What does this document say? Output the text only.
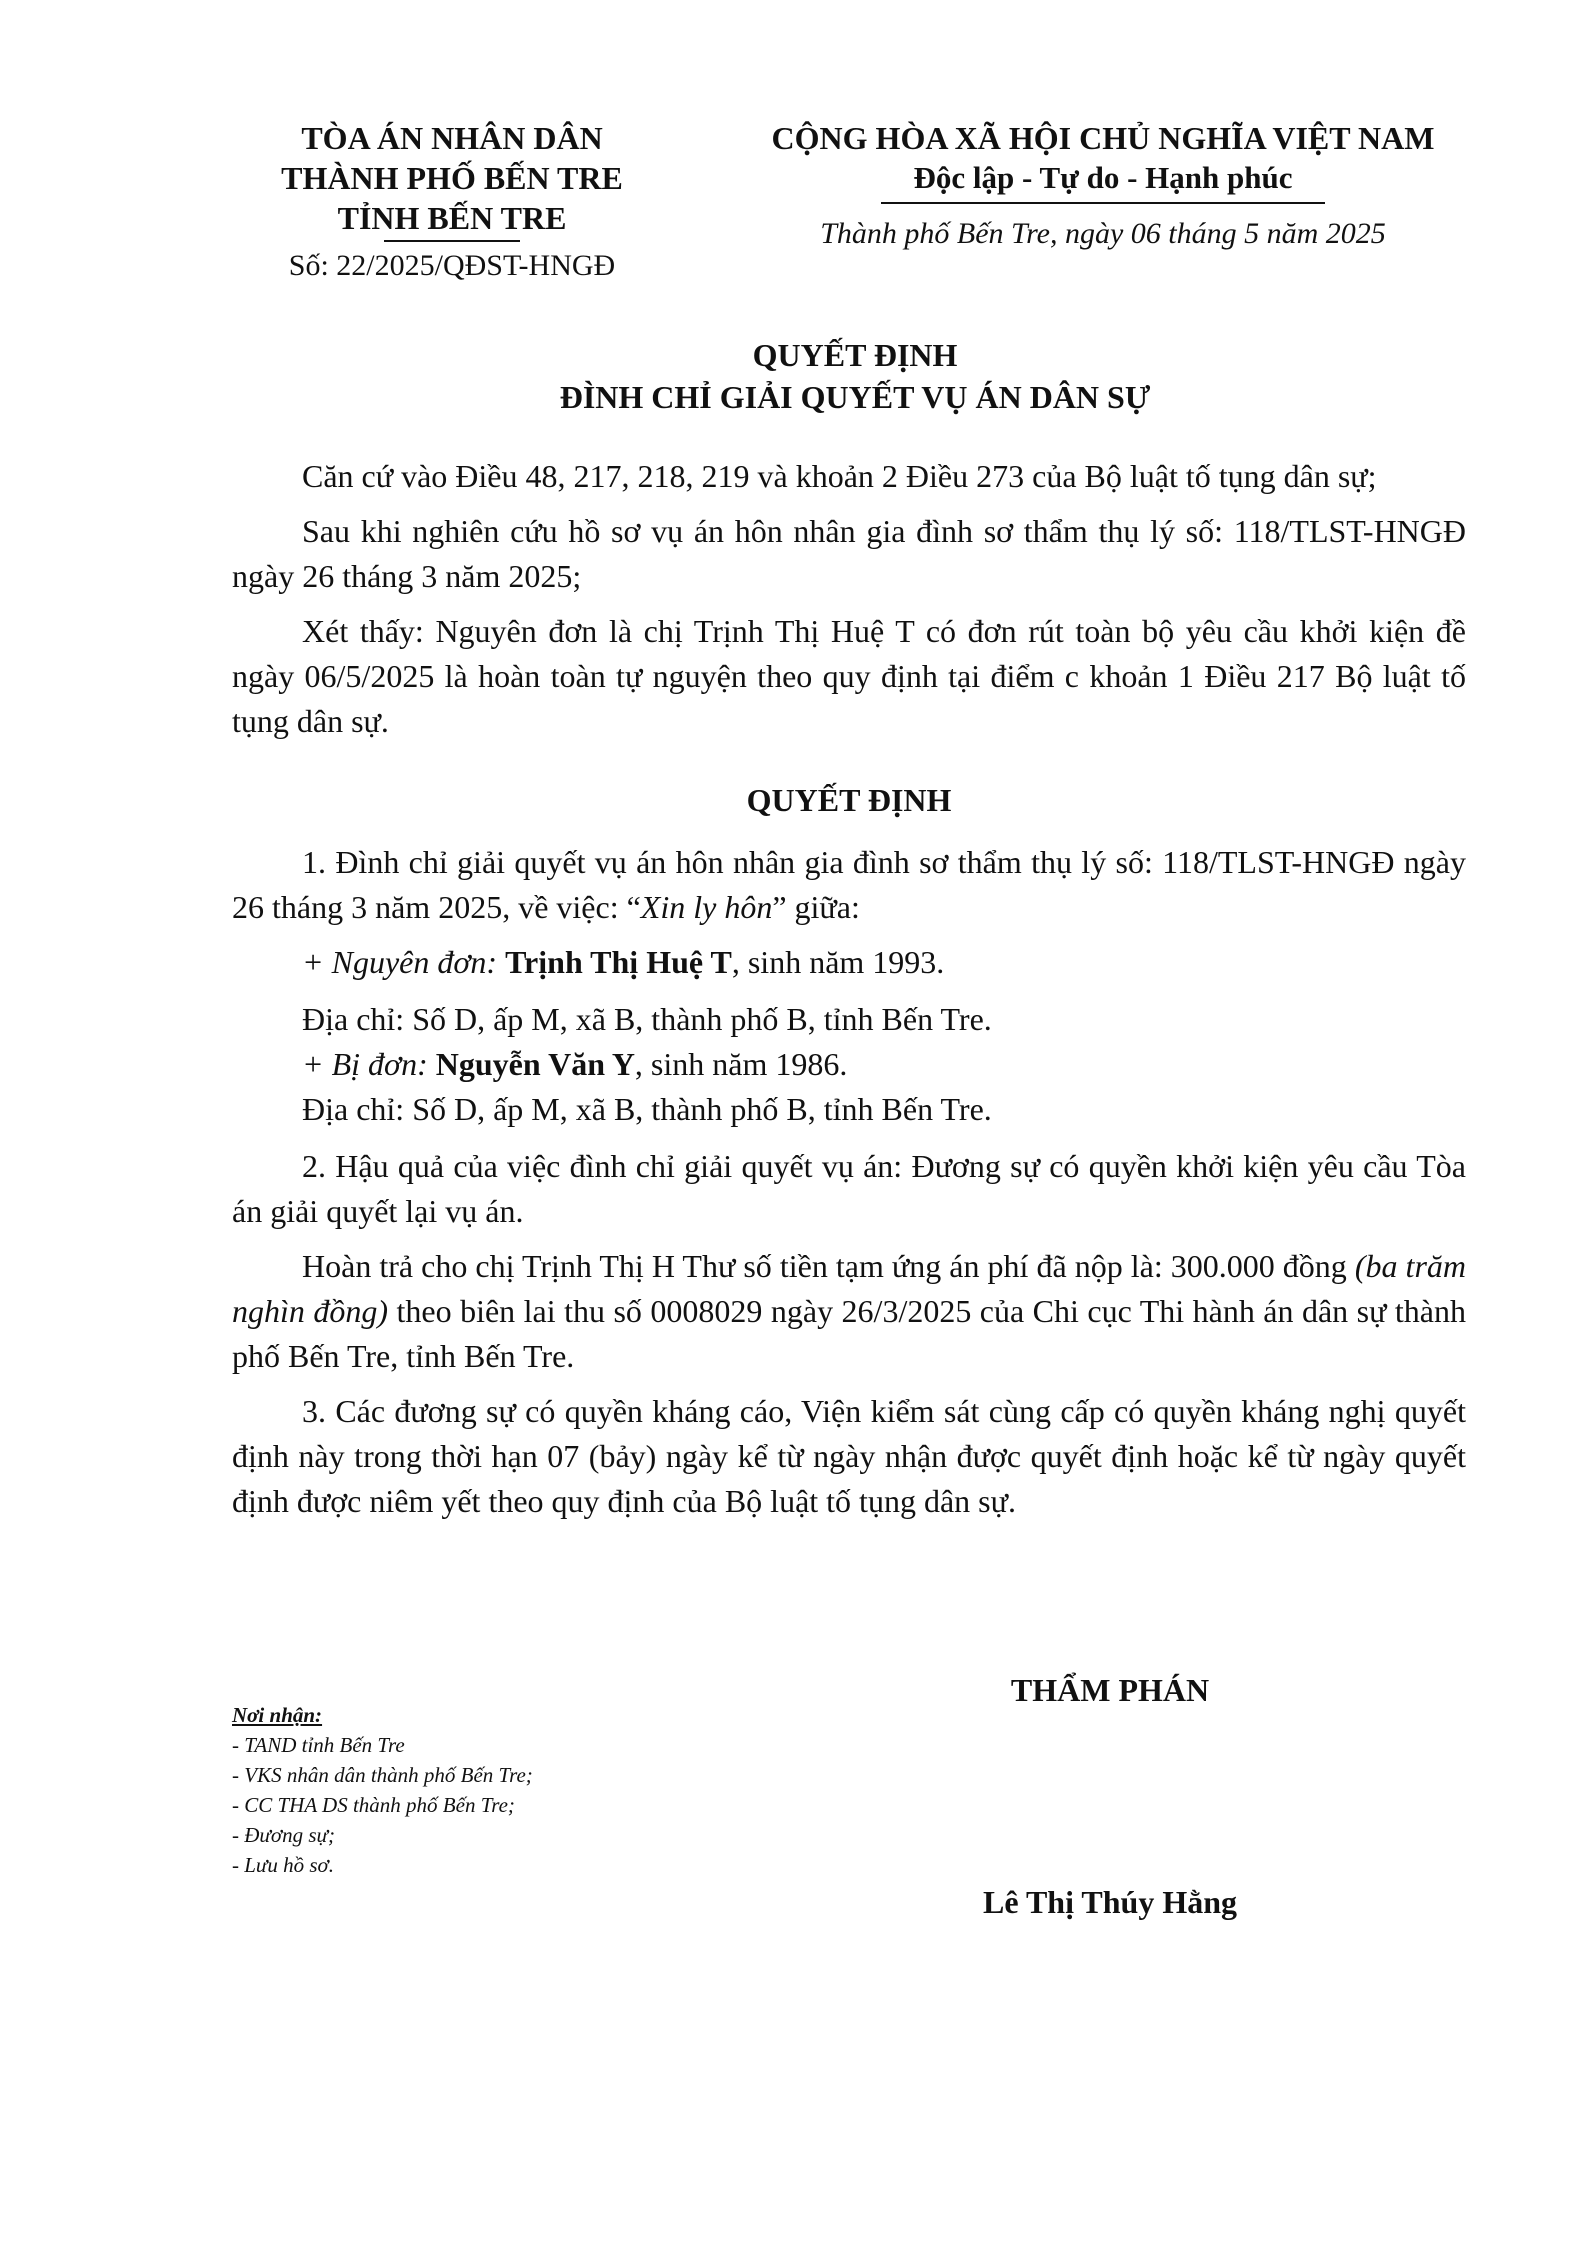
TÒA ÁN NHÂN DÂN
THÀNH PHỐ BẾN TRE
TỈNH BẾN TRE
Số: 22/2025/QĐST-HNGĐ
CỘNG HÒA XÃ HỘI CHỦ NGHĨA VIỆT NAM
Độc lập - Tự do - Hạnh phúc
Thành phố Bến Tre, ngày 06 tháng 5 năm 2025
QUYẾT ĐỊNH
ĐÌNH CHỈ GIẢI QUYẾT VỤ ÁN DÂN SỰ

Căn cứ vào Điều 48, 217, 218, 219 và khoản 2 Điều 273 của Bộ luật tố tụng dân sự;

Sau khi nghiên cứu hồ sơ vụ án hôn nhân gia đình sơ thẩm thụ lý số: 118/TLST-HNGĐ ngày 26 tháng 3 năm 2025;

Xét thấy: Nguyên đơn là chị Trịnh Thị Huệ T có đơn rút toàn bộ yêu cầu khởi kiện đề ngày 06/5/2025 là hoàn toàn tự nguyện theo quy định tại điểm c khoản 1 Điều 217 Bộ luật tố tụng dân sự.

QUYẾT ĐỊNH

1. Đình chỉ giải quyết vụ án hôn nhân gia đình sơ thẩm thụ lý số: 118/TLST-HNGĐ ngày 26 tháng 3 năm 2025, về việc: “Xin ly hôn” giữa:

+ Nguyên đơn: Trịnh Thị Huệ T, sinh năm 1993.

Địa chỉ: Số D, ấp M, xã B, thành phố B, tỉnh Bến Tre.

+ Bị đơn: Nguyễn Văn Y, sinh năm 1986.

Địa chỉ: Số D, ấp M, xã B, thành phố B, tỉnh Bến Tre.

2. Hậu quả của việc đình chỉ giải quyết vụ án: Đương sự có quyền khởi kiện yêu cầu Tòa án giải quyết lại vụ án.

Hoàn trả cho chị Trịnh Thị H Thư số tiền tạm ứng án phí đã nộp là: 300.000 đồng (ba trăm nghìn đồng) theo biên lai thu số 0008029 ngày 26/3/2025 của Chi cục Thi hành án dân sự thành phố Bến Tre, tỉnh Bến Tre.

3. Các đương sự có quyền kháng cáo, Viện kiểm sát cùng cấp có quyền kháng nghị quyết định này trong thời hạn 07 (bảy) ngày kể từ ngày nhận được quyết định hoặc kể từ ngày quyết định được niêm yết theo quy định của Bộ luật tố tụng dân sự.

Nơi nhận:
- TAND tỉnh Bến Tre
- VKS nhân dân thành phố Bến Tre;
- CC THA DS thành phố Bến Tre;
- Đương sự;
- Lưu hồ sơ.
THẨM PHÁN
Lê Thị Thúy Hằng
